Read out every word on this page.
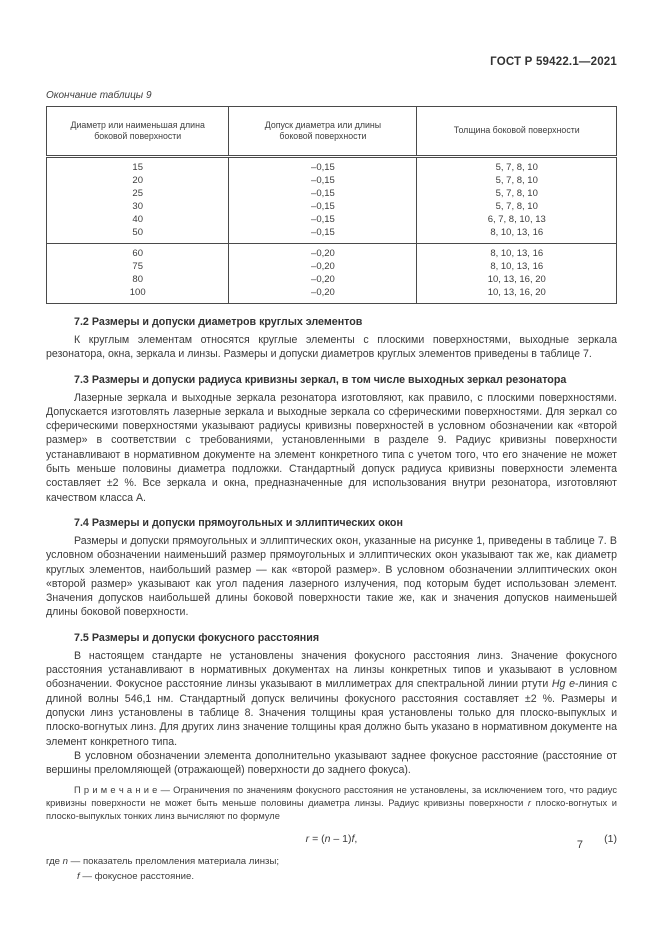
ГОСТ Р 59422.1—2021
Окончание таблицы 9
Диаметр или наименьшая длина боковой поверхности	Допуск диаметра или длины боковой поверхности	Толщина боковой поверхности
15	–0,15	5, 7, 8, 10
20	–0,15	5, 7, 8, 10
25	–0,15	5, 7, 8, 10
30	–0,15	5, 7, 8, 10
40	–0,15	6, 7, 8, 10, 13
50	–0,15	8, 10, 13, 16
60	–0,20	8, 10, 13, 16
75	–0,20	8, 10, 13, 16
80	–0,20	10, 13, 16, 20
100	–0,20	10, 13, 16, 20
7.2 Размеры и допуски диаметров круглых элементов

К круглым элементам относятся круглые элементы с плоскими поверхностями, выходные зеркала резонатора, окна, зеркала и линзы. Размеры и допуски диаметров круглых элементов приведены в таблице 7.

7.3 Размеры и допуски радиуса кривизны зеркал, в том числе выходных зеркал резонатора

Лазерные зеркала и выходные зеркала резонатора изготовляют, как правило, с плоскими поверхностями. Допускается изготовлять лазерные зеркала и выходные зеркала со сферическими поверхностями. Для зеркал со сферическими поверхностями указывают радиусы кривизны поверхностей в условном обозначении как «второй размер» в соответствии с требованиями, установленными в разделе 9. Радиус кривизны поверхности устанавливают в нормативном документе на элемент конкретного типа с учетом того, что его значение не может быть меньше половины диаметра подложки. Стандартный допуск радиуса кривизны поверхности элемента составляет ±2 %. Все зеркала и окна, предназначенные для использования внутри резонатора, изготовляют качеством класса А.

7.4 Размеры и допуски прямоугольных и эллиптических окон

Размеры и допуски прямоугольных и эллиптических окон, указанные на рисунке 1, приведены в таблице 7. В условном обозначении наименьший размер прямоугольных и эллиптических окон указывают так же, как диаметр круглых элементов, наибольший размер — как «второй размер». В условном обозначении эллиптических окон «второй размер» указывают как угол падения лазерного излучения, под которым будет использован элемент. Значения допусков наибольшей длины боковой поверхности такие же, как и значения допусков наименьшей длины боковой поверхности.

7.5 Размеры и допуски фокусного расстояния

В настоящем стандарте не установлены значения фокусного расстояния линз. Значение фокусного расстояния устанавливают в нормативных документах на линзы конкретных типов и указывают в условном обозначении. Фокусное расстояние линзы указывают в миллиметрах для спектральной линии ртути Hg e-линия с длиной волны 546,1 нм. Стандартный допуск величины фокусного расстояния составляет ±2 %. Размеры и допуски линз установлены в таблице 8. Значения толщины края установлены только для плоско-выпуклых и плоско-вогнутых линз. Для других линз значение толщины края должно быть указано в нормативном документе на элемент конкретного типа.

В условном обозначении элемента дополнительно указывают заднее фокусное расстояние (расстояние от вершины преломляющей (отражающей) поверхности до заднего фокуса).

П р и м е ч а н и е — Ограничения по значениям фокусного расстояния не установлены, за исключением того, что радиус кривизны поверхности не может быть меньше половины диаметра линзы. Радиус кривизны поверхности r плоско-вогнутых и плоско-выпуклых тонких линз вычисляют по формуле

r = (n – 1)f,	(1)

где n — показатель преломления материала линзы;

f — фокусное расстояние.

7
